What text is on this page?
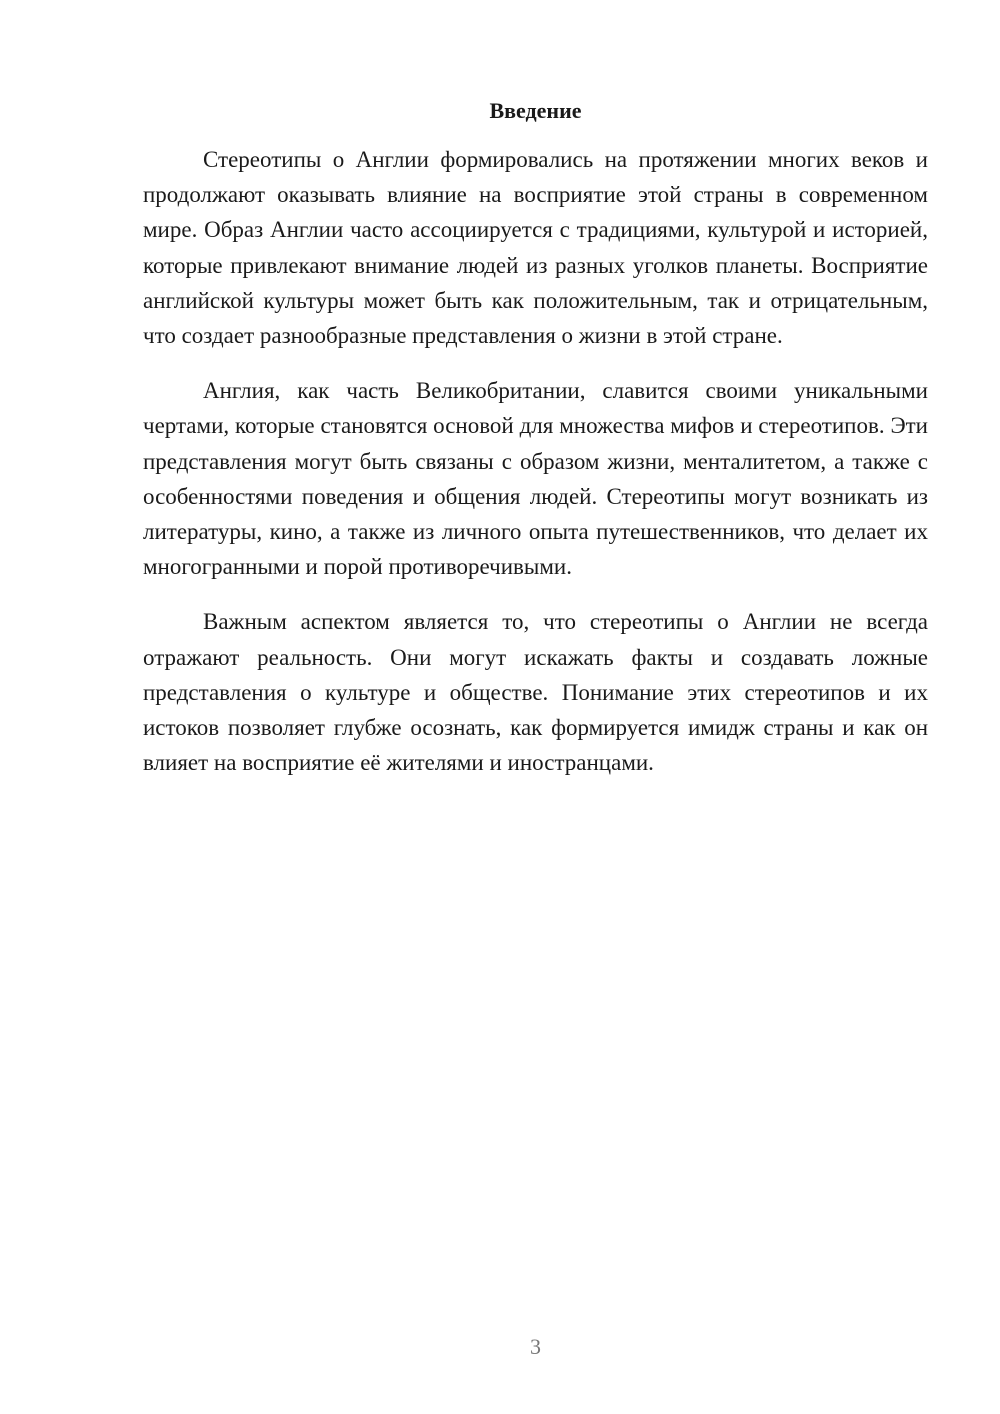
Введение

Стереотипы о Англии формировались на протяжении многих веков и продолжают оказывать влияние на восприятие этой страны в современном мире. Образ Англии часто ассоциируется с традициями, культурой и историей, которые привлекают внимание людей из разных уголков планеты. Восприятие английской культуры может быть как положительным, так и отрицательным, что создает разнообразные представления о жизни в этой стране.

Англия, как часть Великобритании, славится своими уникальными чертами, которые становятся основой для множества мифов и стереотипов. Эти представления могут быть связаны с образом жизни, менталитетом, а также с особенностями поведения и общения людей. Стереотипы могут возникать из литературы, кино, а также из личного опыта путешественников, что делает их многогранными и порой противоречивыми.

Важным аспектом является то, что стереотипы о Англии не всегда отражают реальность. Они могут искажать факты и создавать ложные представления о культуре и обществе. Понимание этих стереотипов и их истоков позволяет глубже осознать, как формируется имидж страны и как он влияет на восприятие её жителями и иностранцами.

3
